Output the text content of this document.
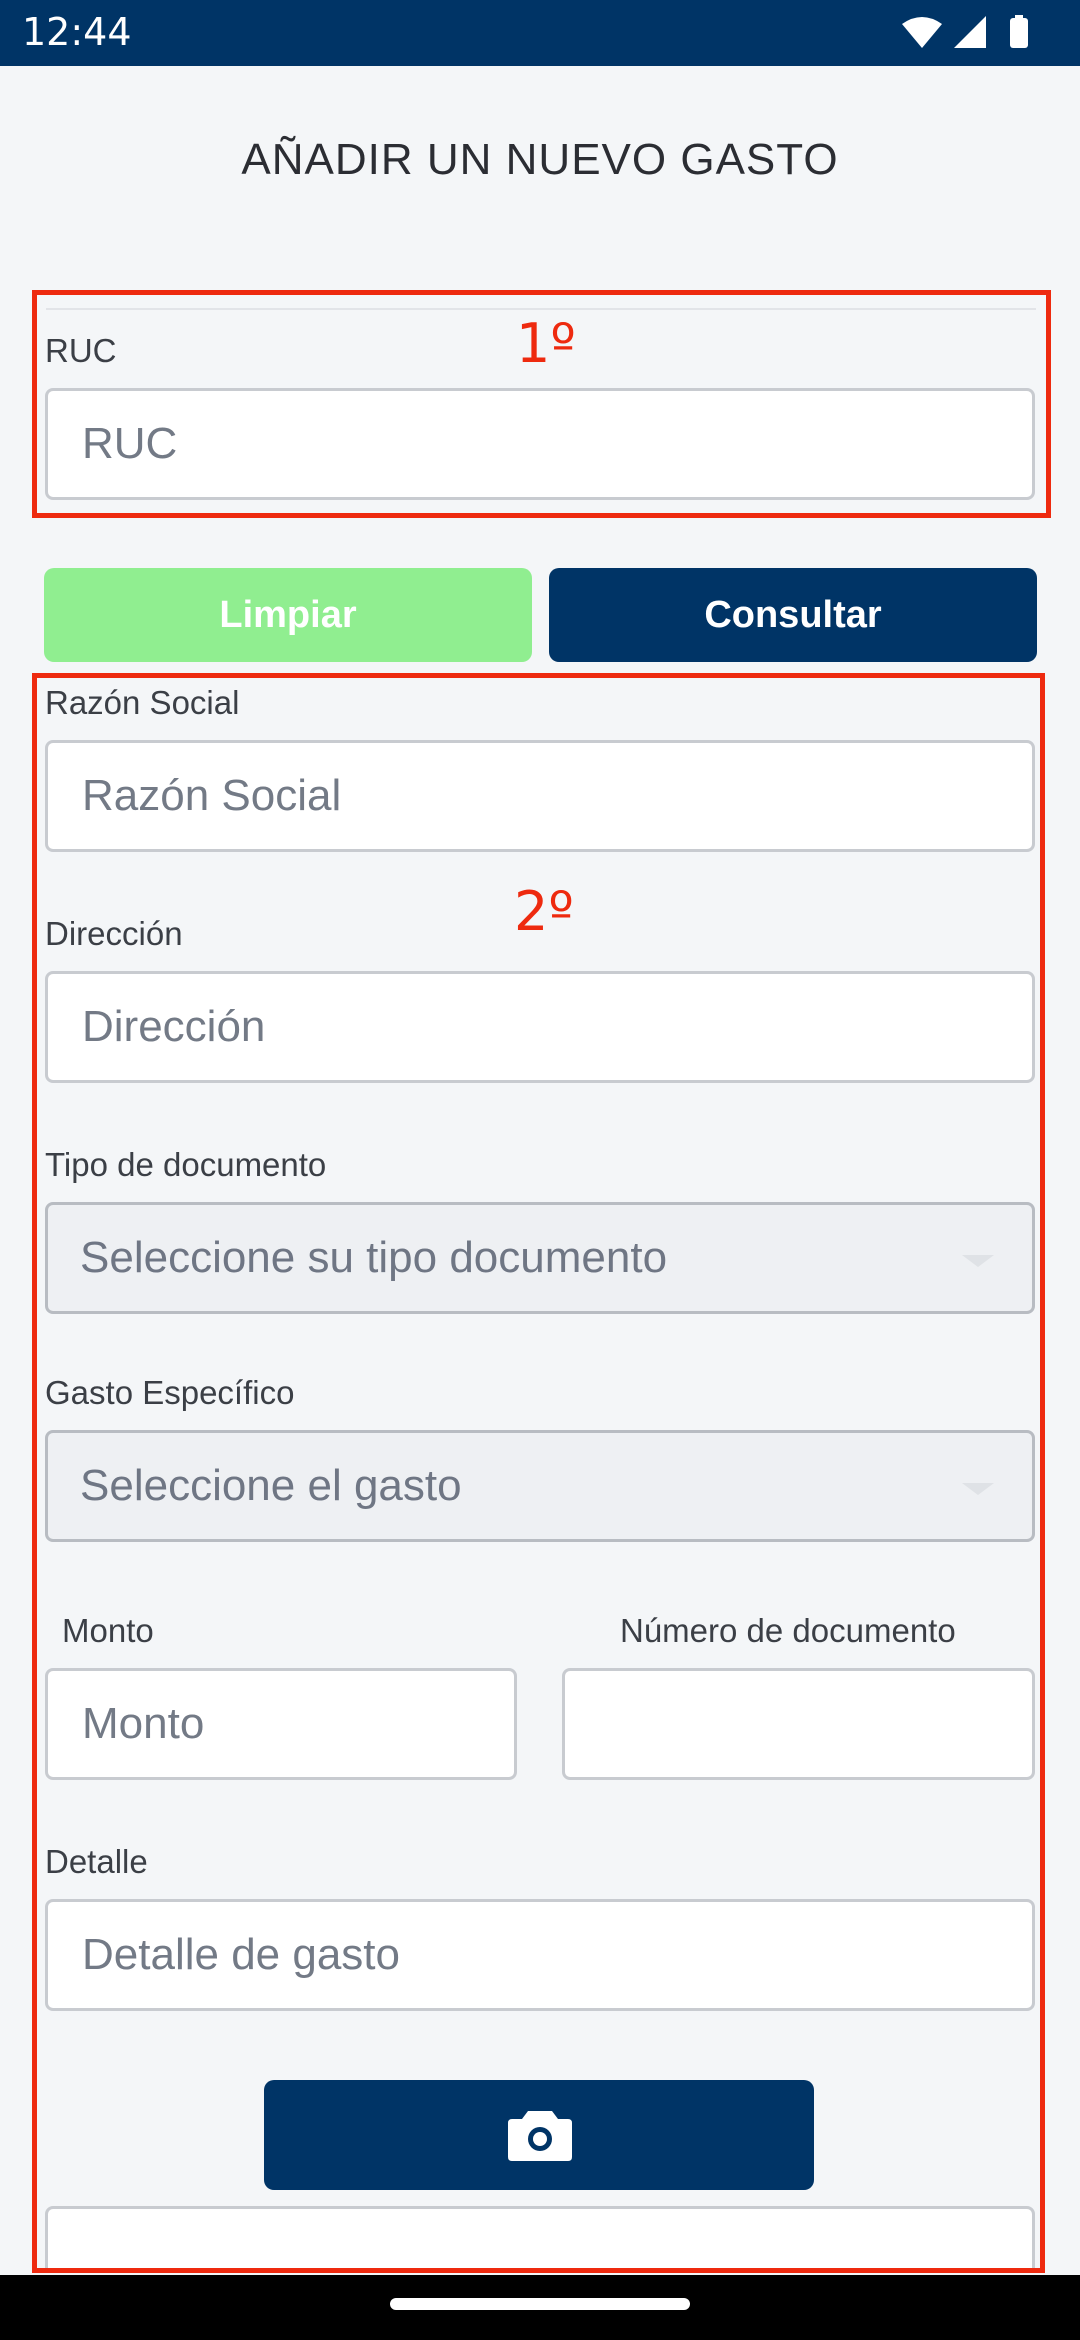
12:44
AÑADIR UN NUEVO GASTO
1º
RUC
RUC
Limpiar	Consultar
2º
Razón Social
Razón Social
Dirección
Dirección
Tipo de documento
Seleccione su tipo documento
Gasto Específico
Seleccione el gasto
Monto	Número de documento
Monto
Detalle
Detalle de gasto
